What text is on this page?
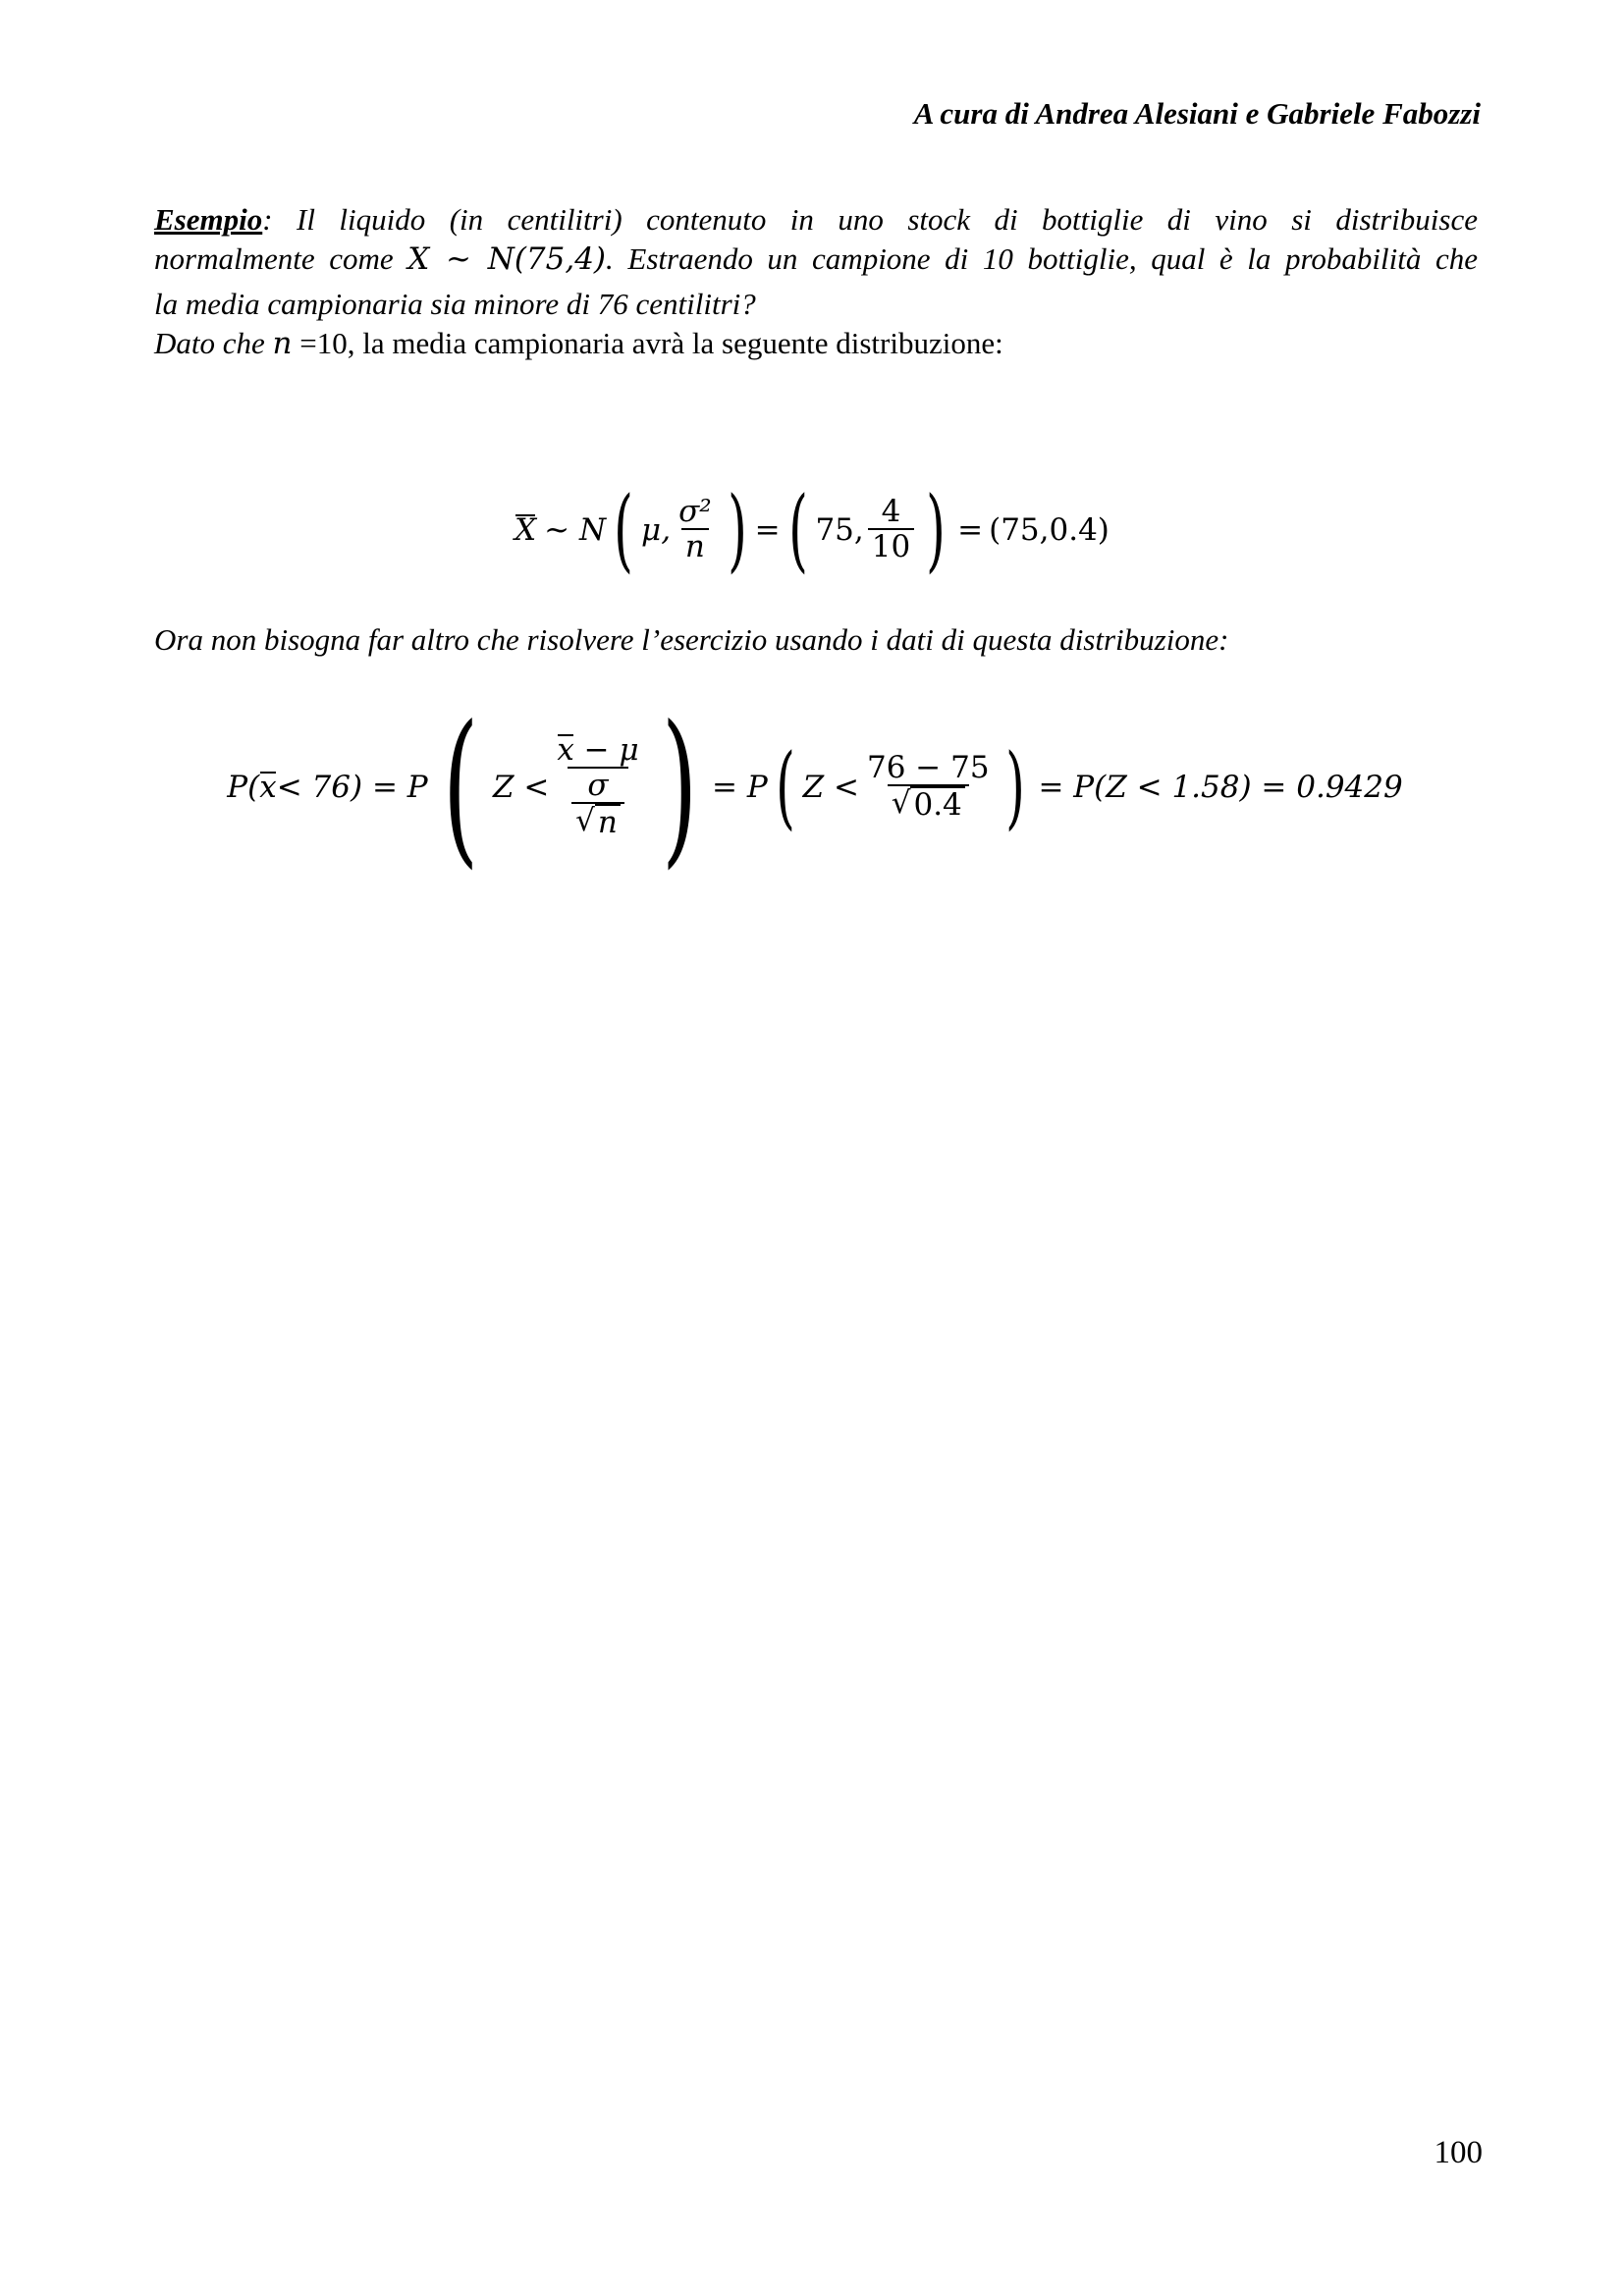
A cura di Andrea Alesiani e Gabriele Fabozzi
Esempio: Il liquido (in centilitri) contenuto in uno stock di bottiglie di vino si distribuisce
normalmente come X ~ N(75,4). Estraendo un campione di 10 bottiglie, qual è la probabilità che
la media campionaria sia minore di 76 centilitri?
Dato che n =10, la media campionaria avrà la seguente distribuzione:
X ~ N ( μ, $\frac{\text{σ²}}{n}$ ) = ( 75, $\frac{4}{10}$ ) = (75,0.4)
Ora non bisogna far altro che risolvere l’esercizio usando i dati di questa distribuzione:
P( x < 76) = P ( $Z < \frac{x - \mu}{\frac{\sigma}{√ n}}$ ) = P ( $Z < \frac{76 - 75}{√ 0.4}$ ) = P(Z < 1.58) = 0.9429
100
